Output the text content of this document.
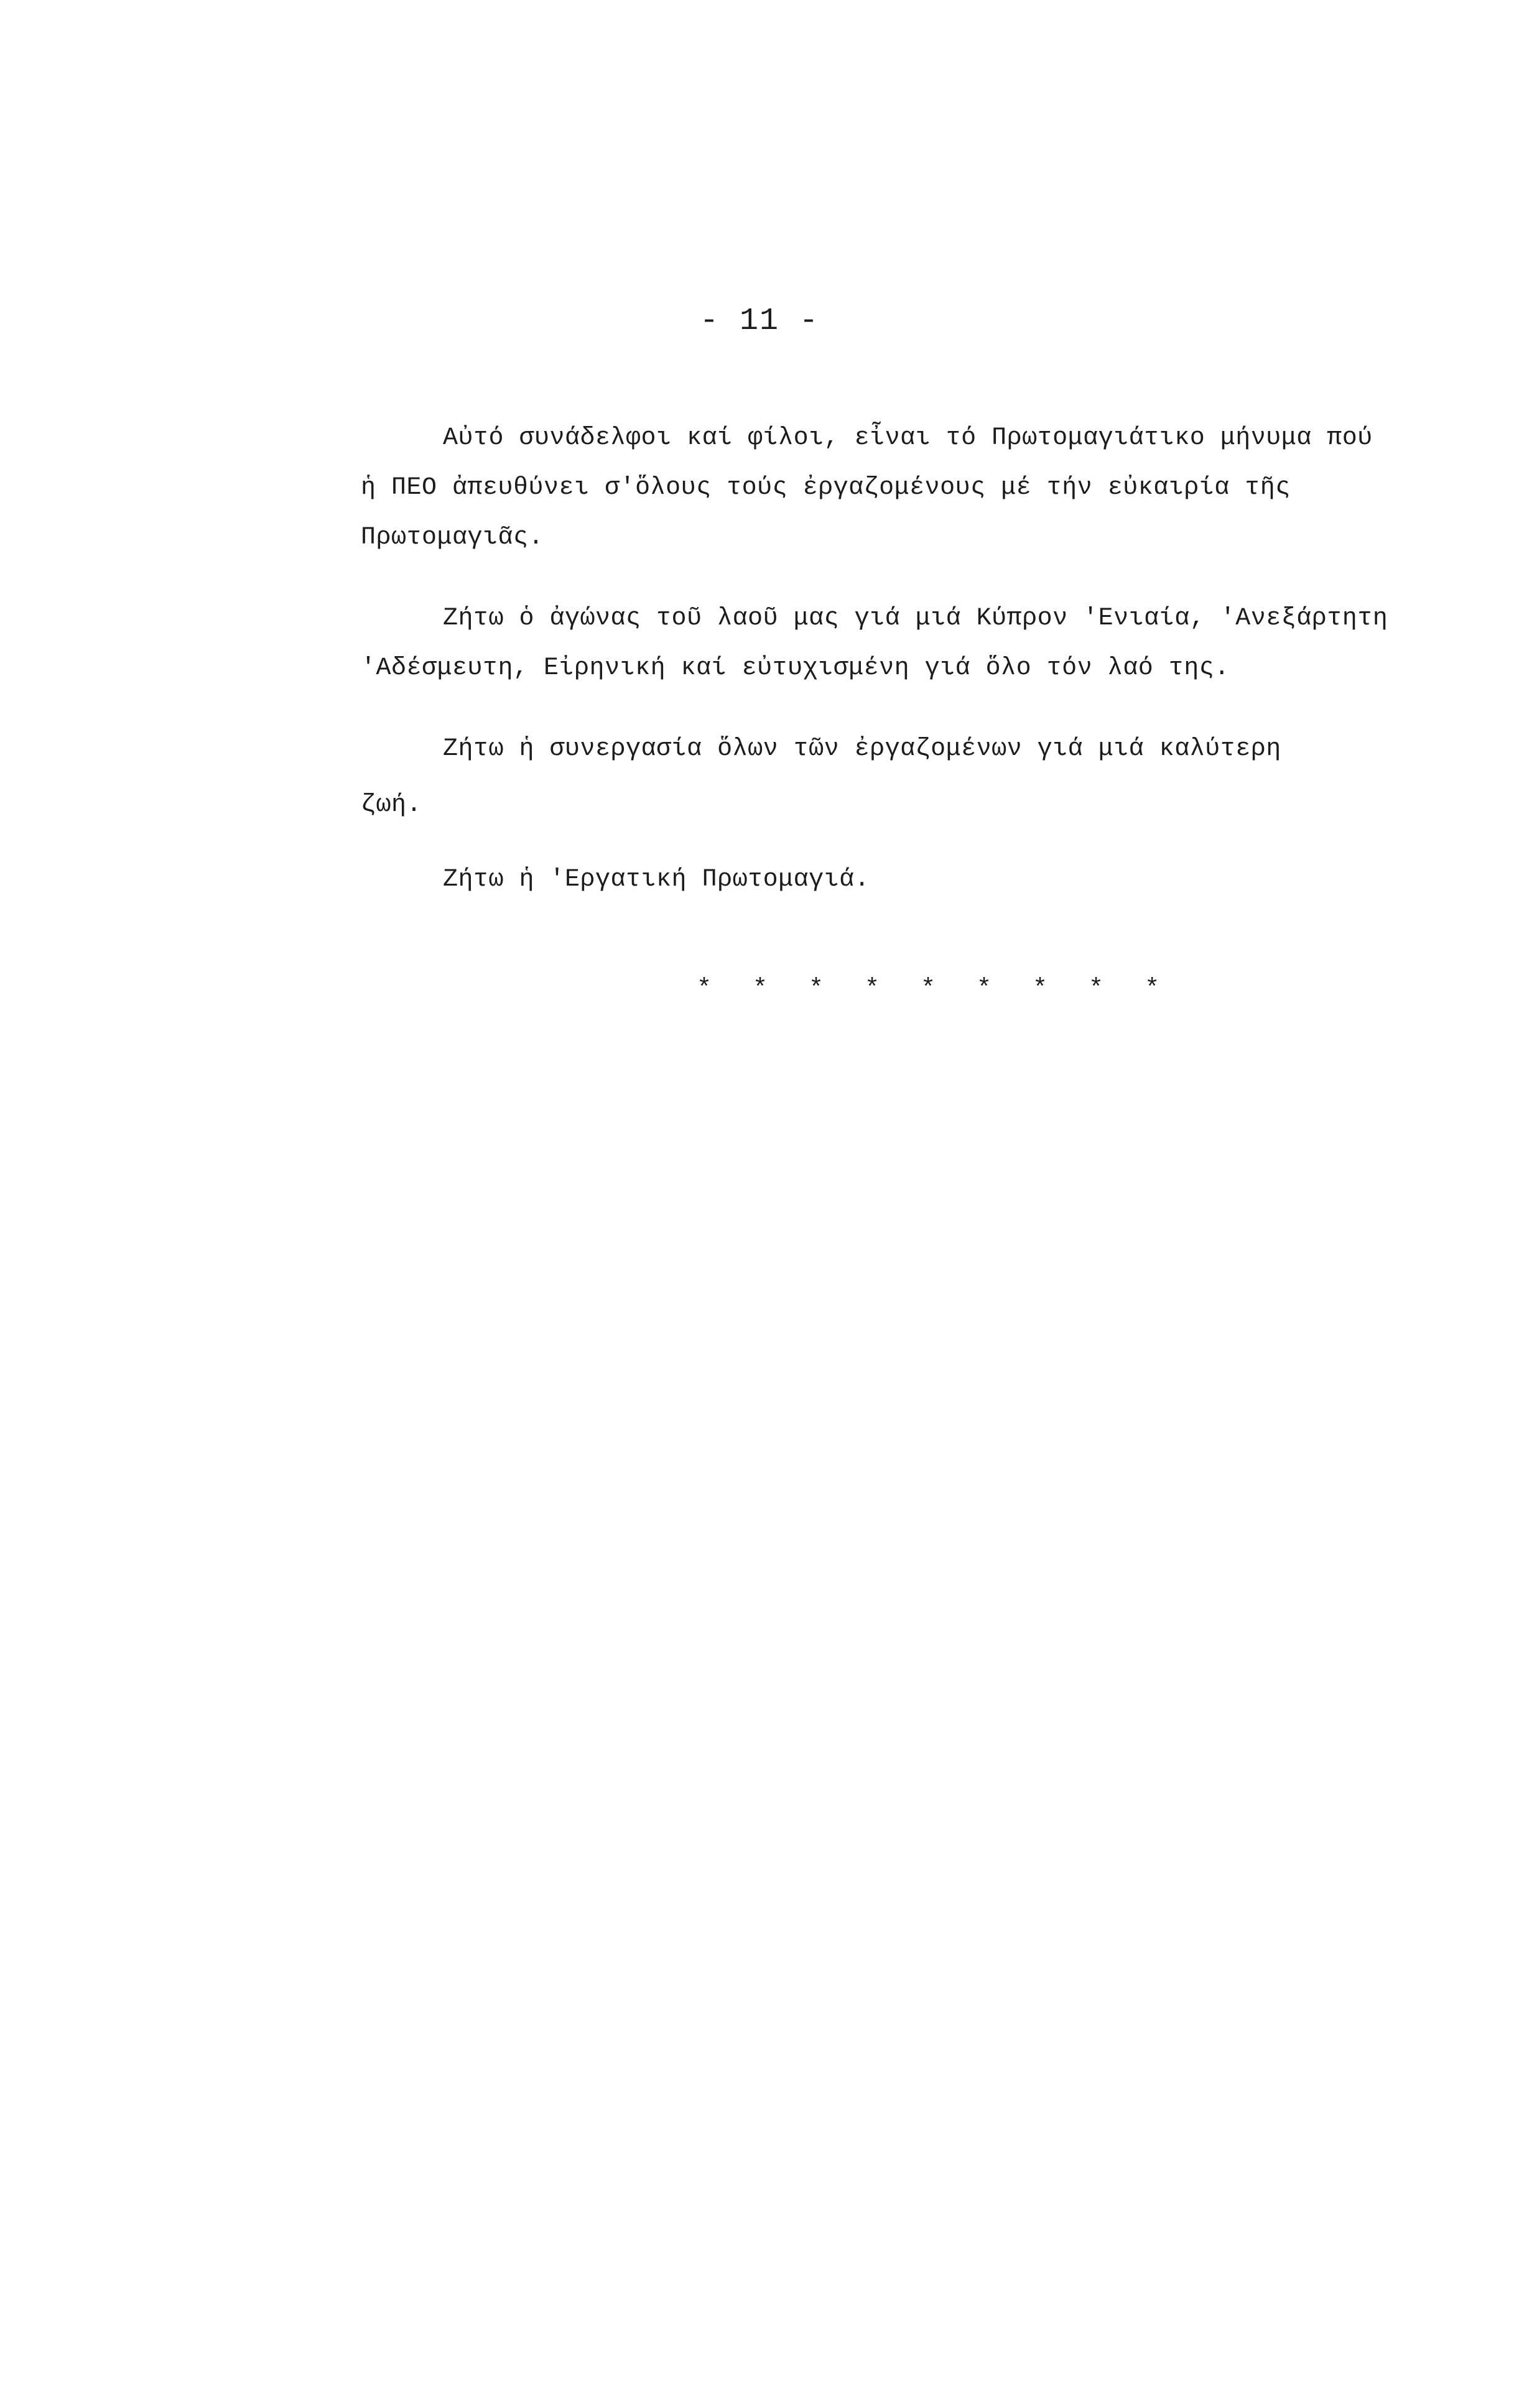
- 11 -
Αὐτό συνάδελφοι καί φίλοι, εἶναι τό Πρωτομαγιάτικο μήνυμα πού
ἡ ΠΕΟ ἀπευθύνει σ'ὅλους τούς ἐργαζομένους μέ τήν εὐκαιρία τῆς
Πρωτομαγιᾶς.
Ζήτω ὁ ἀγώνας τοῦ λαοῦ μας γιά μιά Κύπρον 'Ενιαία, 'Ανεξάρτητη
'Αδέσμευτη, Εἰρηνική καί εὐτυχισμένη γιά ὅλο τόν λαό της.
Ζήτω ἡ συνεργασία ὅλων τῶν ἐργαζομένων γιά μιά καλύτερη
ζωή.
Ζήτω ἡ 'Εργατική Πρωτομαγιά.
* * * * * * * * *
